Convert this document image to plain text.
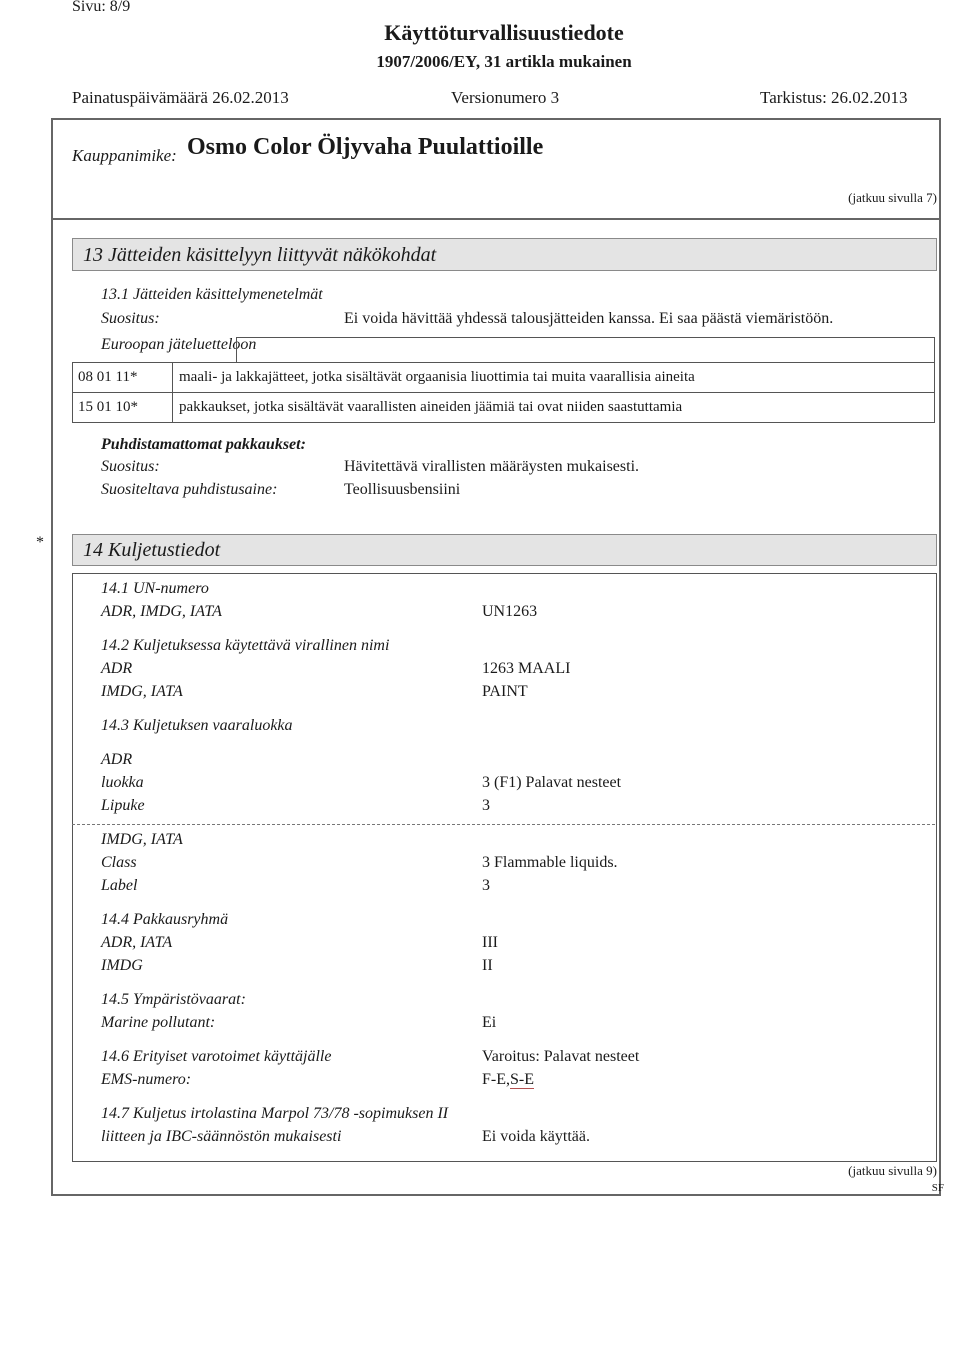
Sivu: 8/9
Käyttöturvallisuustiedote
1907/2006/EY, 31 artikla mukainen
Painatuspäivämäärä 26.02.2013	Versionumero 3	Tarkistus: 26.02.2013
Kauppanimike: Osmo Color Öljyvaha Puulattioille
(jatkuu sivulla 7)
13 Jätteiden käsittelyyn liittyvät näkökohdat
13.1 Jätteiden käsittelymenetelmät
Suositus:	Ei voida hävittää yhdessä talousjätteiden kanssa. Ei saa päästä viemäristöön.
Euroopan jäteluetteloon
08 01 11*	maali- ja lakkajätteet, jotka sisältävät orgaanisia liuottimia tai muita vaarallisia aineita
15 01 10*	pakkaukset, jotka sisältävät vaarallisten aineiden jäämiä tai ovat niiden saastuttamia
Puhdistamattomat pakkaukset:
Suositus:	Hävitettävä virallisten määräysten mukaisesti.
Suositeltava puhdistusaine:	Teollisuusbensiini
*	14 Kuljetustiedot
14.1 UN-numero
ADR, IMDG, IATA	UN1263
14.2 Kuljetuksessa käytettävä virallinen nimi
ADR	1263 MAALI
IMDG, IATA	PAINT
14.3 Kuljetuksen vaaraluokka
ADR
luokka	3 (F1) Palavat nesteet
Lipuke	3
IMDG, IATA
Class	3 Flammable liquids.
Label	3
14.4 Pakkausryhmä
ADR, IATA	III
IMDG	II
14.5 Ympäristövaarat:
Marine pollutant:	Ei
14.6 Erityiset varotoimet käyttäjälle	Varoitus: Palavat nesteet
EMS-numero:	F-E,S-E
14.7 Kuljetus irtolastina Marpol 73/78 -sopimuksen II
liitteen ja IBC-säännöstön mukaisesti	Ei voida käyttää.
(jatkuu sivulla 9)
SF
